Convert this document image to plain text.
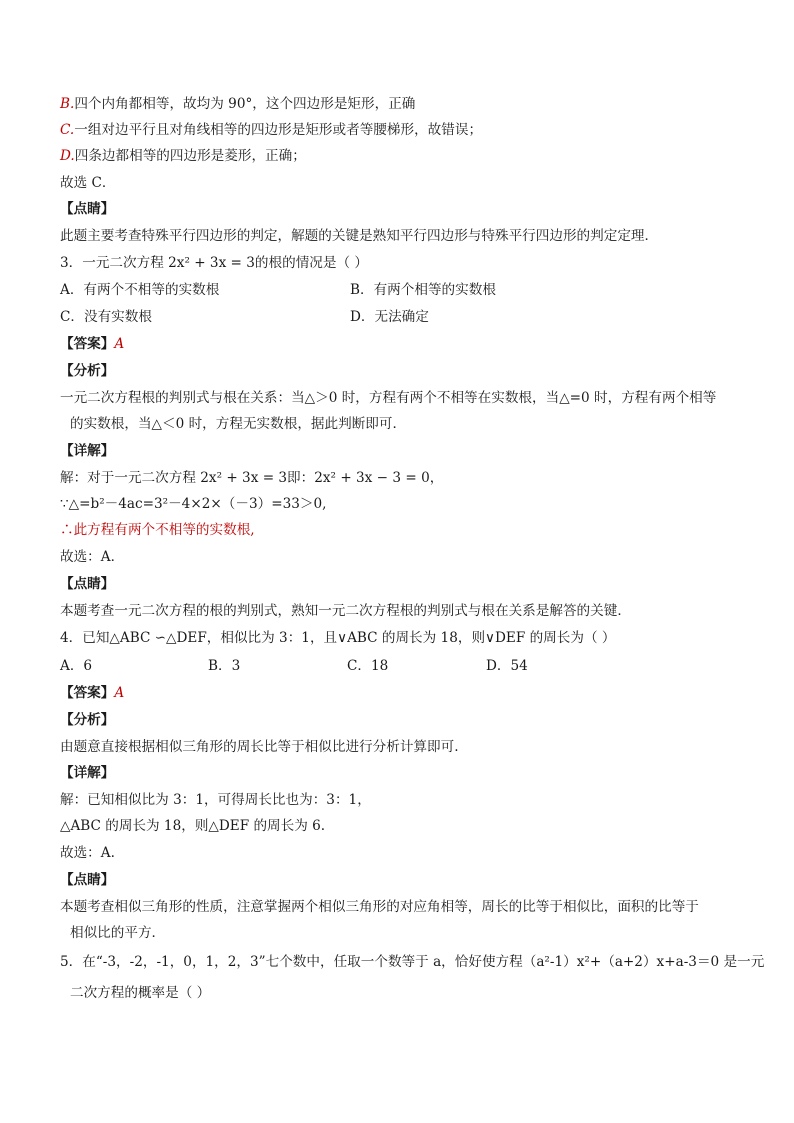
B.四个内角都相等，故均为 90°，这个四边形是矩形，正确
C.一组对边平行且对角线相等的四边形是矩形或者等腰梯形，故错误；
D.四条边都相等的四边形是菱形，正确；
故选 C．
【点睛】
此题主要考查特殊平行四边形的判定，解题的关键是熟知平行四边形与特殊平行四边形的判定定理．
3．一元二次方程 2x² + 3x = 3的根的情况是（ ）
A．有两个不相等的实数根	B．有两个相等的实数根
C．没有实数根	D．无法确定
【答案】A
【分析】
一元二次方程根的判别式与根在关系：当△＞0 时，方程有两个不相等在实数根，当△=0 时，方程有两个相等
的实数根，当△＜0 时，方程无实数根，据此判断即可．
【详解】
解：对于一元二次方程 2x² + 3x = 3即：2x² + 3x − 3 = 0，
∵△=b²－4ac=3²－4×2×（－3）=33＞0,
∴此方程有两个不相等的实数根,
故选：A．
【点睛】
本题考查一元二次方程的根的判别式，熟知一元二次方程根的判别式与根在关系是解答的关键．
4．已知△ABC ∽△DEF，相似比为 3：1，且∨ABC 的周长为 18，则∨DEF 的周长为（ ）
A．6	B．3	C．18	D．54
【答案】A
【分析】
由题意直接根据相似三角形的周长比等于相似比进行分析计算即可.
【详解】
解：已知相似比为 3：1，可得周长比也为：3：1，
△ABC 的周长为 18，则△DEF 的周长为 6.
故选：A.
【点睛】
本题考查相似三角形的性质，注意掌握两个相似三角形的对应角相等，周长的比等于相似比，面积的比等于
相似比的平方．
5．在“-3，-2，-1，0，1，2，3”七个数中，任取一个数等于 a，恰好使方程（a²-1）x²+（a+2）x+a-3＝0 是一元
二次方程的概率是（ ）
